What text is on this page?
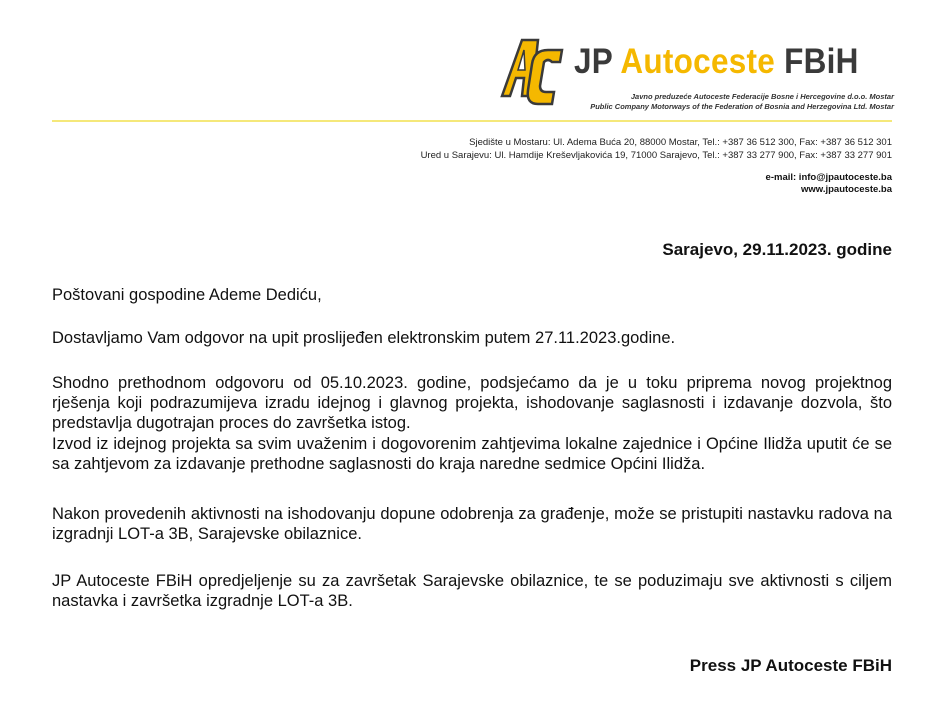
JP Autoceste FBiH
Javno preduzeće Autoceste Federacije Bosne i Hercegovine d.o.o. Mostar
Public Company Motorways of the Federation of Bosnia and Herzegovina Ltd. Mostar
Sjedište u Mostaru: Ul. Adema Buća 20, 88000 Mostar, Tel.: +387 36 512 300, Fax: +387 36 512 301
Ured u Sarajevu: Ul. Hamdije Kreševljakovića 19, 71000 Sarajevo, Tel.: +387 33 277 900, Fax: +387 33 277 901
e-mail: info@jpautoceste.ba
www.jpautoceste.ba
Sarajevo, 29.11.2023. godine
Poštovani gospodine Ademe Dediću,
Dostavljamo Vam odgovor na upit proslijeđen elektronskim putem 27.11.2023.godine.
Shodno prethodnom odgovoru od 05.10.2023. godine, podsjećamo da je u toku priprema novog projektnog rješenja koji podrazumijeva izradu idejnog i glavnog projekta, ishodovanje saglasnosti i izdavanje dozvola, što predstavlja dugotrajan proces do završetka istog.
Izvod iz idejnog projekta sa svim uvaženim i dogovorenim zahtjevima lokalne zajednice i Općine Ilidža uputit će se sa zahtjevom za izdavanje prethodne saglasnosti do kraja naredne sedmice Općini Ilidža.
Nakon provedenih aktivnosti na ishodovanju dopune odobrenja za građenje, može se pristupiti nastavku radova na izgradnji LOT-a 3B, Sarajevske obilaznice.
JP Autoceste FBiH opredjeljenje su za završetak Sarajevske obilaznice, te se poduzimaju sve aktivnosti s ciljem nastavka i završetka izgradnje LOT-a 3B.
Press JP Autoceste FBiH
